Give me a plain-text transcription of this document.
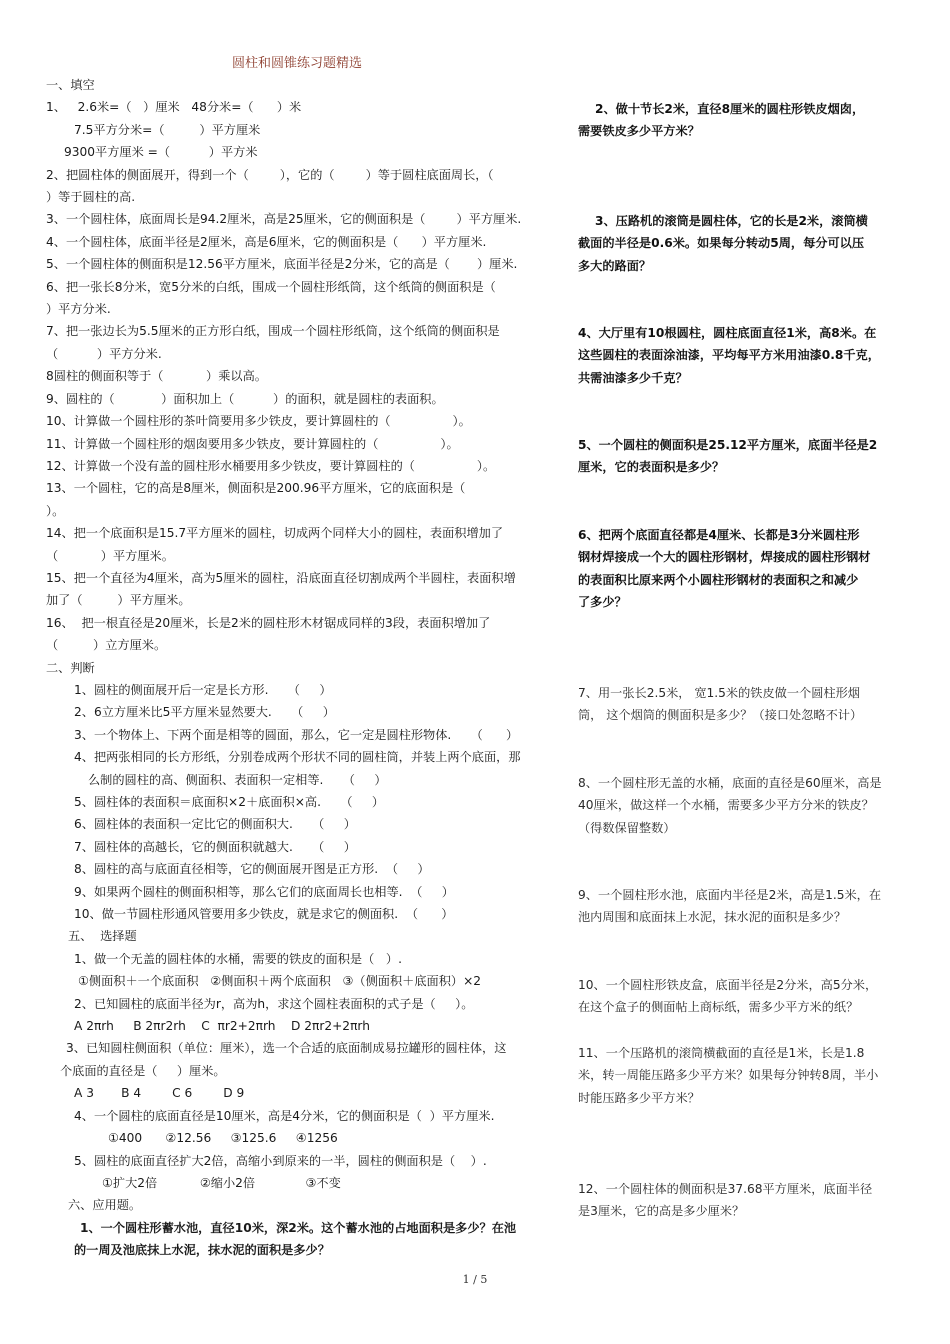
圆柱和圆锥练习题精选
一、填空
1、   2.6米=（   ）厘米   48分米=（      ）米
7.5平方分米=（         ）平方厘米
9300平方厘米 =（          ）平方米
2、把圆柱体的侧面展开，得到一个（        ），它的（        ）等于圆柱底面周长，（
）等于圆柱的高.
3、一个圆柱体，底面周长是94.2厘米，高是25厘米，它的侧面积是（        ）平方厘米.
4、一个圆柱体，底面半径是2厘米，高是6厘米，它的侧面积是（      ）平方厘米.
5、一个圆柱体的侧面积是12.56平方厘米，底面半径是2分米，它的高是（       ）厘米.
6、把一张长8分米，宽5分米的白纸，围成一个圆柱形纸筒，这个纸筒的侧面积是（
）平方分米.
7、把一张边长为5.5厘米的正方形白纸，围成一个圆柱形纸筒，这个纸筒的侧面积是
（          ）平方分米.
8圆柱的侧面积等于（           ）乘以高。
9、圆柱的（            ）面积加上（          ）的面积，就是圆柱的表面积。
10、计算做一个圆柱形的茶叶筒要用多少铁皮，要计算圆柱的（                ）。
11、计算做一个圆柱形的烟囱要用多少铁皮，要计算圆柱的（                ）。
12、计算做一个没有盖的圆柱形水桶要用多少铁皮，要计算圆柱的（                ）。
13、一个圆柱，它的高是8厘米，侧面积是200.96平方厘米，它的底面积是（
）。
14、把一个底面积是15.7平方厘米的圆柱，切成两个同样大小的圆柱，表面积增加了
（           ）平方厘米。
15、把一个直径为4厘米，高为5厘米的圆柱，沿底面直径切割成两个半圆柱，表面积增
加了（         ）平方厘米。
16、  把一根直径是20厘米，长是2米的圆柱形木材锯成同样的3段，表面积增加了
（         ）立方厘米。
二、判断
1、圆柱的侧面展开后一定是长方形.     （     ）
2、6立方厘米比5平方厘米显然要大.     （     ）
3、一个物体上、下两个面是相等的圆面，那么，它一定是圆柱形物体.     （      ）
4、把两张相同的长方形纸，分别卷成两个形状不同的圆柱筒，并装上两个底面，那
么制的圆柱的高、侧面积、表面积一定相等.     （     ）
5、圆柱体的表面积＝底面积×2＋底面积×高.     （     ）
6、圆柱体的表面积一定比它的侧面积大.     （     ）
7、圆柱体的高越长，它的侧面积就越大.     （     ）
8、圆柱的高与底面直径相等，它的侧面展开图是正方形.  （     ）
9、如果两个圆柱的侧面积相等，那么它们的底面周长也相等.  （     ）
10、做一节圆柱形通风管要用多少铁皮，就是求它的侧面积.  （      ）
五、  选择题
1、做一个无盖的圆柱体的水桶，需要的铁皮的面积是（   ）.
①侧面积＋一个底面积   ②侧面积＋两个底面积   ③（侧面积＋底面积）×2
2、已知圆柱的底面半径为r，高为h，求这个圆柱表面积的式子是（     ）。
A 2πrh     B 2πr2rh    C  πr2+2πrh    D 2πr2+2πrh
3、已知圆柱侧面积（单位：厘米），选一个合适的底面制成易拉罐形的圆柱体，这
个底面的直径是（     ）厘米。
A 3       B 4        C 6        D 9
4、一个圆柱的底面直径是10厘米，高是4分米，它的侧面积是（  ）平方厘米.
①400      ②12.56     ③125.6     ④1256
5、圆柱的底面直径扩大2倍，高缩小到原来的一半，圆柱的侧面积是（    ）.
①扩大2倍           ②缩小2倍             ③不变
六、应用题。
1、一个圆柱形蓄水池，直径10米，深2米。这个蓄水池的占地面积是多少？在池
的一周及池底抹上水泥，抹水泥的面积是多少？
2、做十节长2米，直径8厘米的圆柱形铁皮烟囱，
需要铁皮多少平方米？
3、压路机的滚筒是圆柱体，它的长是2米，滚筒横
截面的半径是0.6米。如果每分转动5周，每分可以压
多大的路面？
4、大厅里有10根圆柱，圆柱底面直径1米，高8米。在
这些圆柱的表面涂油漆，平均每平方米用油漆0.8千克，
共需油漆多少千克？
5、一个圆柱的侧面积是25.12平方厘米，底面半径是2
厘米，它的表面积是多少？
6、把两个底面直径都是4厘米、长都是3分米圆柱形
钢材焊接成一个大的圆柱形钢材，焊接成的圆柱形钢材
的表面积比原来两个小圆柱形钢材的表面积之和减少
了多少？
7、用一张长2.5米， 宽1.5米的铁皮做一个圆柱形烟
筒， 这个烟筒的侧面积是多少？（接口处忽略不计）
8、一个圆柱形无盖的水桶，底面的直径是60厘米，高是
40厘米，做这样一个水桶，需要多少平方分米的铁皮？
（得数保留整数）
9、一个圆柱形水池，底面内半径是2米，高是1.5米，在
池内周围和底面抹上水泥，抹水泥的面积是多少？
10、一个圆柱形铁皮盒，底面半径是2分米，高5分米，
在这个盒子的侧面帖上商标纸，需多少平方米的纸？
11、一个压路机的滚筒横截面的直径是1米，长是1.8
米，转一周能压路多少平方米？如果每分钟转8周，半小
时能压路多少平方米？
12、一个圆柱体的侧面积是37.68平方厘米，底面半径
是3厘米，它的高是多少厘米？
1 / 5
